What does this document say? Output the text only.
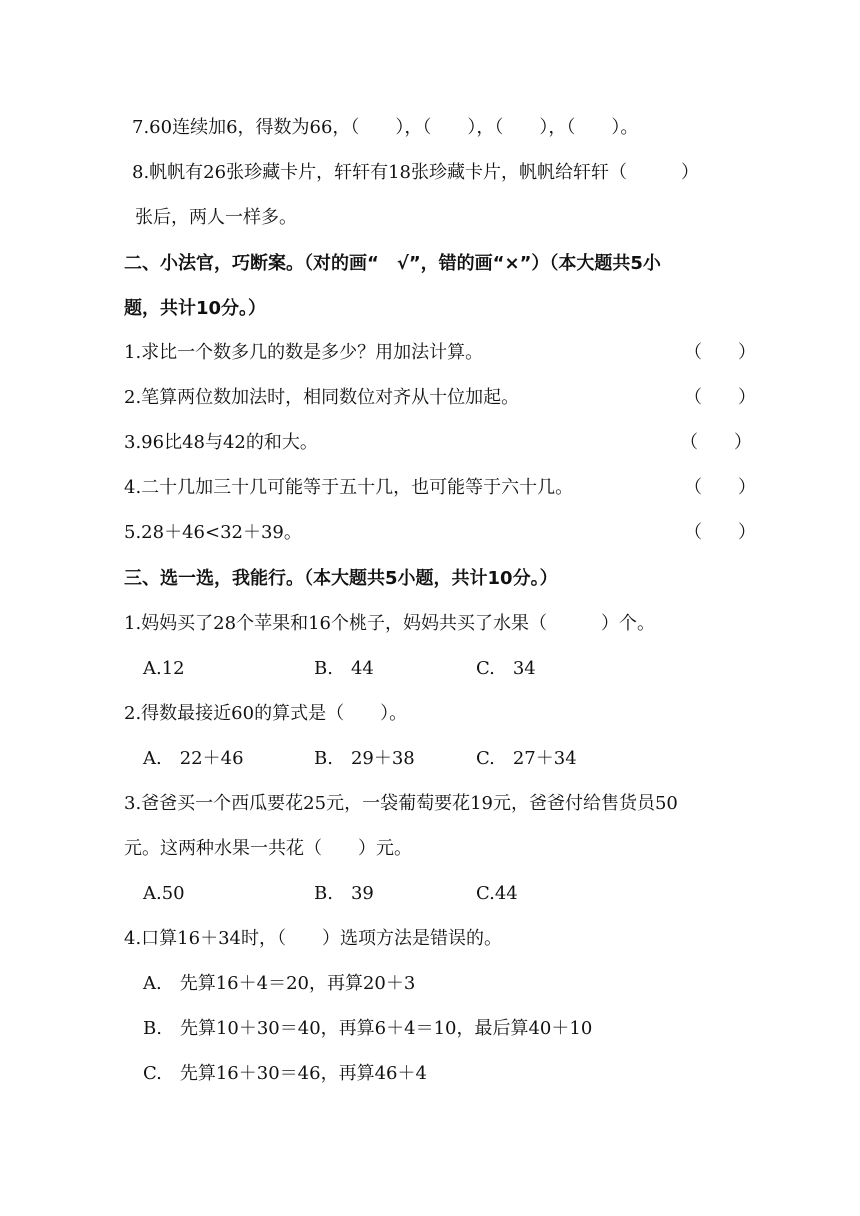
7.60连续加6，得数为66，（　　），（　　），（　　），（　　）。
8.帆帆有26张珍藏卡片，轩轩有18张珍藏卡片，帆帆给轩轩（　　　）
张后，两人一样多。
二、小法官，巧断案。（对的画“　√”，错的画“×”）（本大题共5小
题，共计10分。）
1.求比一个数多几的数是多少？用加法计算。	（　　）
2.笔算两位数加法时，相同数位对齐从十位加起。	（　　）
3.96比48与42的和大。	（　　）
4.二十几加三十几可能等于五十几，也可能等于六十几。	（　　）
5.28＋46<32＋39。	（　　）
三、选一选，我能行。（本大题共5小题，共计10分。）
1.妈妈买了28个苹果和16个桃子，妈妈共买了水果（　　　）个。
A.12	B.　44	C.　34
2.得数最接近60的算式是（　　）。
A.　22＋46	B.　29＋38	C.　27＋34
3.爸爸买一个西瓜要花25元，一袋葡萄要花19元，爸爸付给售货员50
元。这两种水果一共花（　　）元。
A.50	B.　39	C.44
4.口算16＋34时，（　　）选项方法是错误的。
A.　先算16＋4＝20，再算20＋3
B.　先算10＋30＝40，再算6＋4＝10，最后算40＋10
C.　先算16＋30＝46，再算46＋4
